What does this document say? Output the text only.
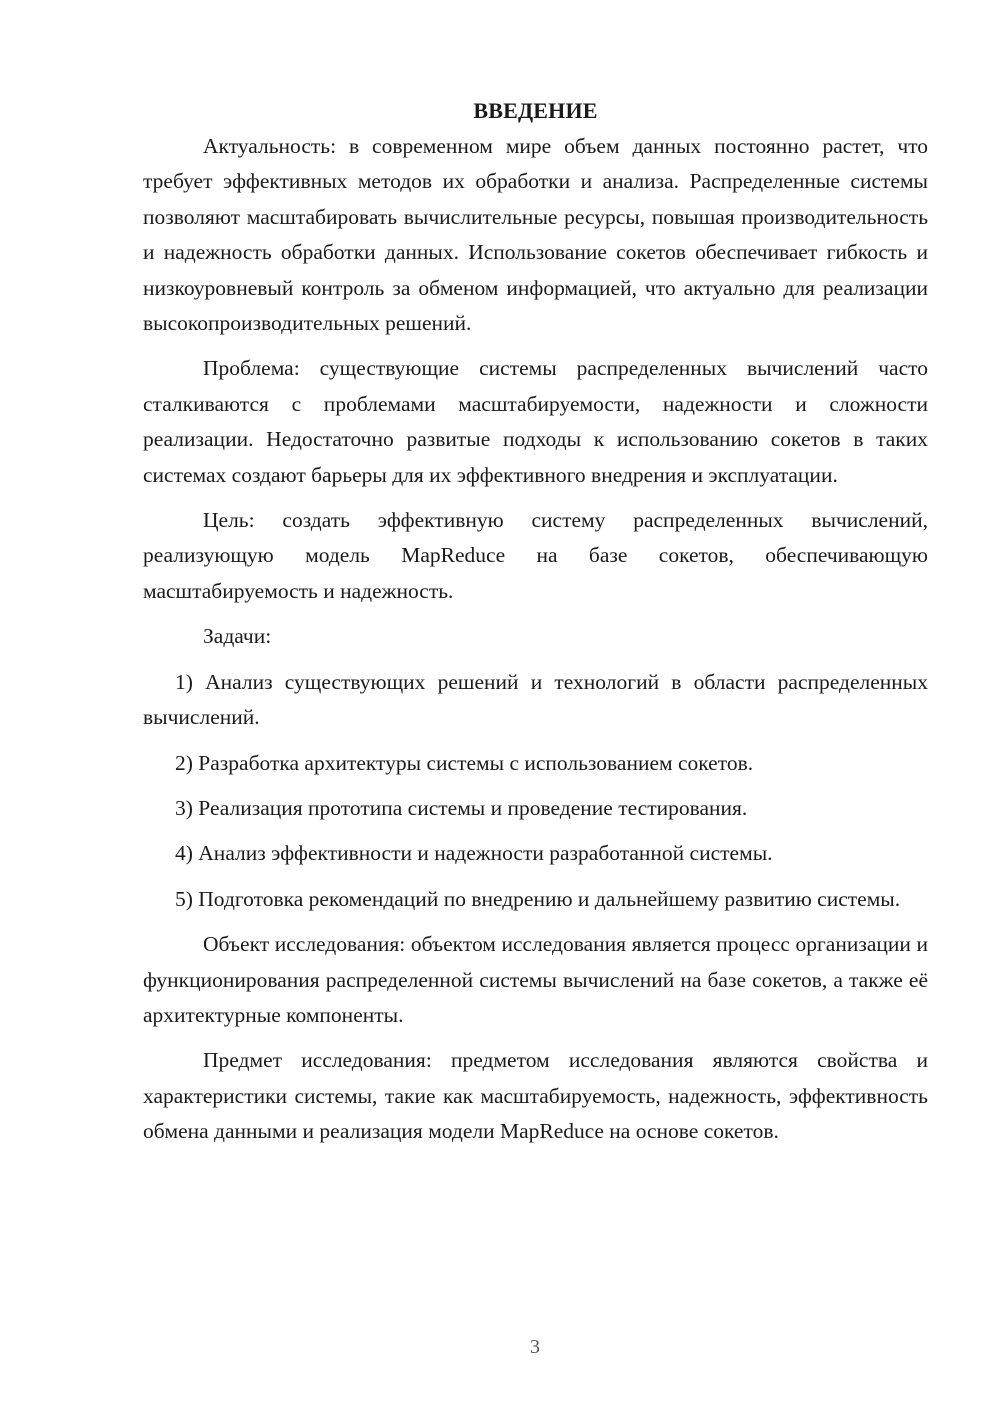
ВВЕДЕНИЕ

Актуальность: в современном мире объем данных постоянно растет, что требует эффективных методов их обработки и анализа. Распределенные системы позволяют масштабировать вычислительные ресурсы, повышая производительность и надежность обработки данных. Использование сокетов обеспечивает гибкость и низкоуровневый контроль за обменом информацией, что актуально для реализации высокопроизводительных решений.

Проблема: существующие системы распределенных вычислений часто сталкиваются с проблемами масштабируемости, надежности и сложности реализации. Недостаточно развитые подходы к использованию сокетов в таких системах создают барьеры для их эффективного внедрения и эксплуатации.

Цель: создать эффективную систему распределенных вычислений, реализующую модель MapReduce на базе сокетов, обеспечивающую масштабируемость и надежность.

Задачи:

1) Анализ существующих решений и технологий в области распределенных вычислений.

2) Разработка архитектуры системы с использованием сокетов.

3) Реализация прототипа системы и проведение тестирования.

4) Анализ эффективности и надежности разработанной системы.

5) Подготовка рекомендаций по внедрению и дальнейшему развитию системы.

Объект исследования: объектом исследования является процесс организации и функционирования распределенной системы вычислений на базе сокетов, а также её архитектурные компоненты.

Предмет исследования: предметом исследования являются свойства и характеристики системы, такие как масштабируемость, надежность, эффективность обмена данными и реализация модели MapReduce на основе сокетов.

3
